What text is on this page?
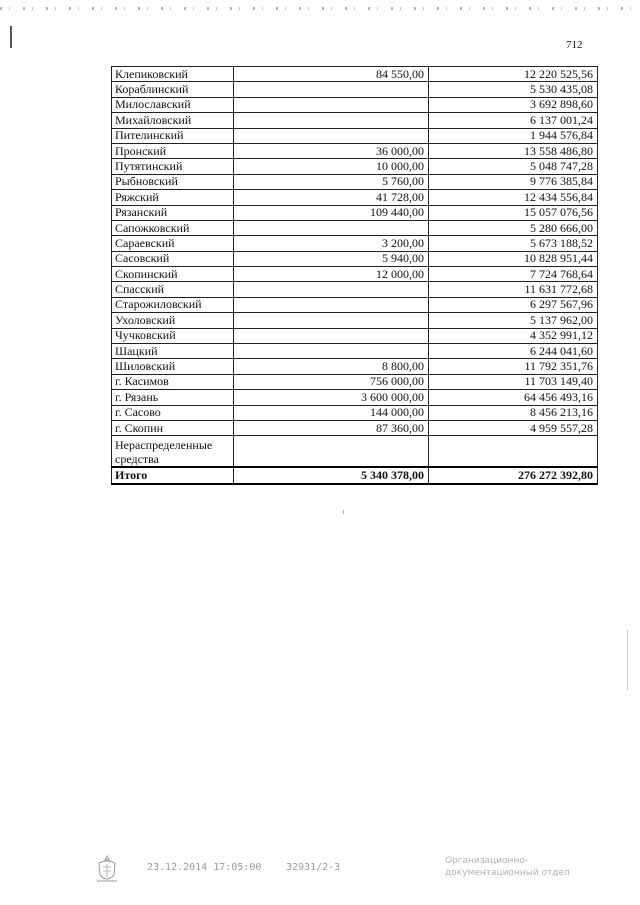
712
Клепиковский	84 550,00	12 220 525,56
Кораблинский		5 530 435,08
Милославский		3 692 898,60
Михайловский		6 137 001,24
Пителинский		1 944 576,84
Пронский	36 000,00	13 558 486,80
Путятинский	10 000,00	5 048 747,28
Рыбновский	5 760,00	9 776 385,84
Ряжский	41 728,00	12 434 556,84
Рязанский	109 440,00	15 057 076,56
Сапожковский		5 280 666,00
Сараевский	3 200,00	5 673 188,52
Сасовский	5 940,00	10 828 951,44
Скопинский	12 000,00	7 724 768,64
Спасский		11 631 772,68
Старожиловский		6 297 567,96
Ухоловский		5 137 962,00
Чучковский		4 352 991,12
Шацкий		6 244 041,60
Шиловский	8 800,00	11 792 351,76
г. Касимов	756 000,00	11 703 149,40
г. Рязань	3 600 000,00	64 456 493,16
г. Сасово	144 000,00	8 456 213,16
г. Скопин	87 360,00	4 959 557,28
Нераспределенные средства		
Итого	5 340 378,00	276 272 392,80
23.12.2014 17:05:00 32931/2-3
Организационно-
документационный отдел
